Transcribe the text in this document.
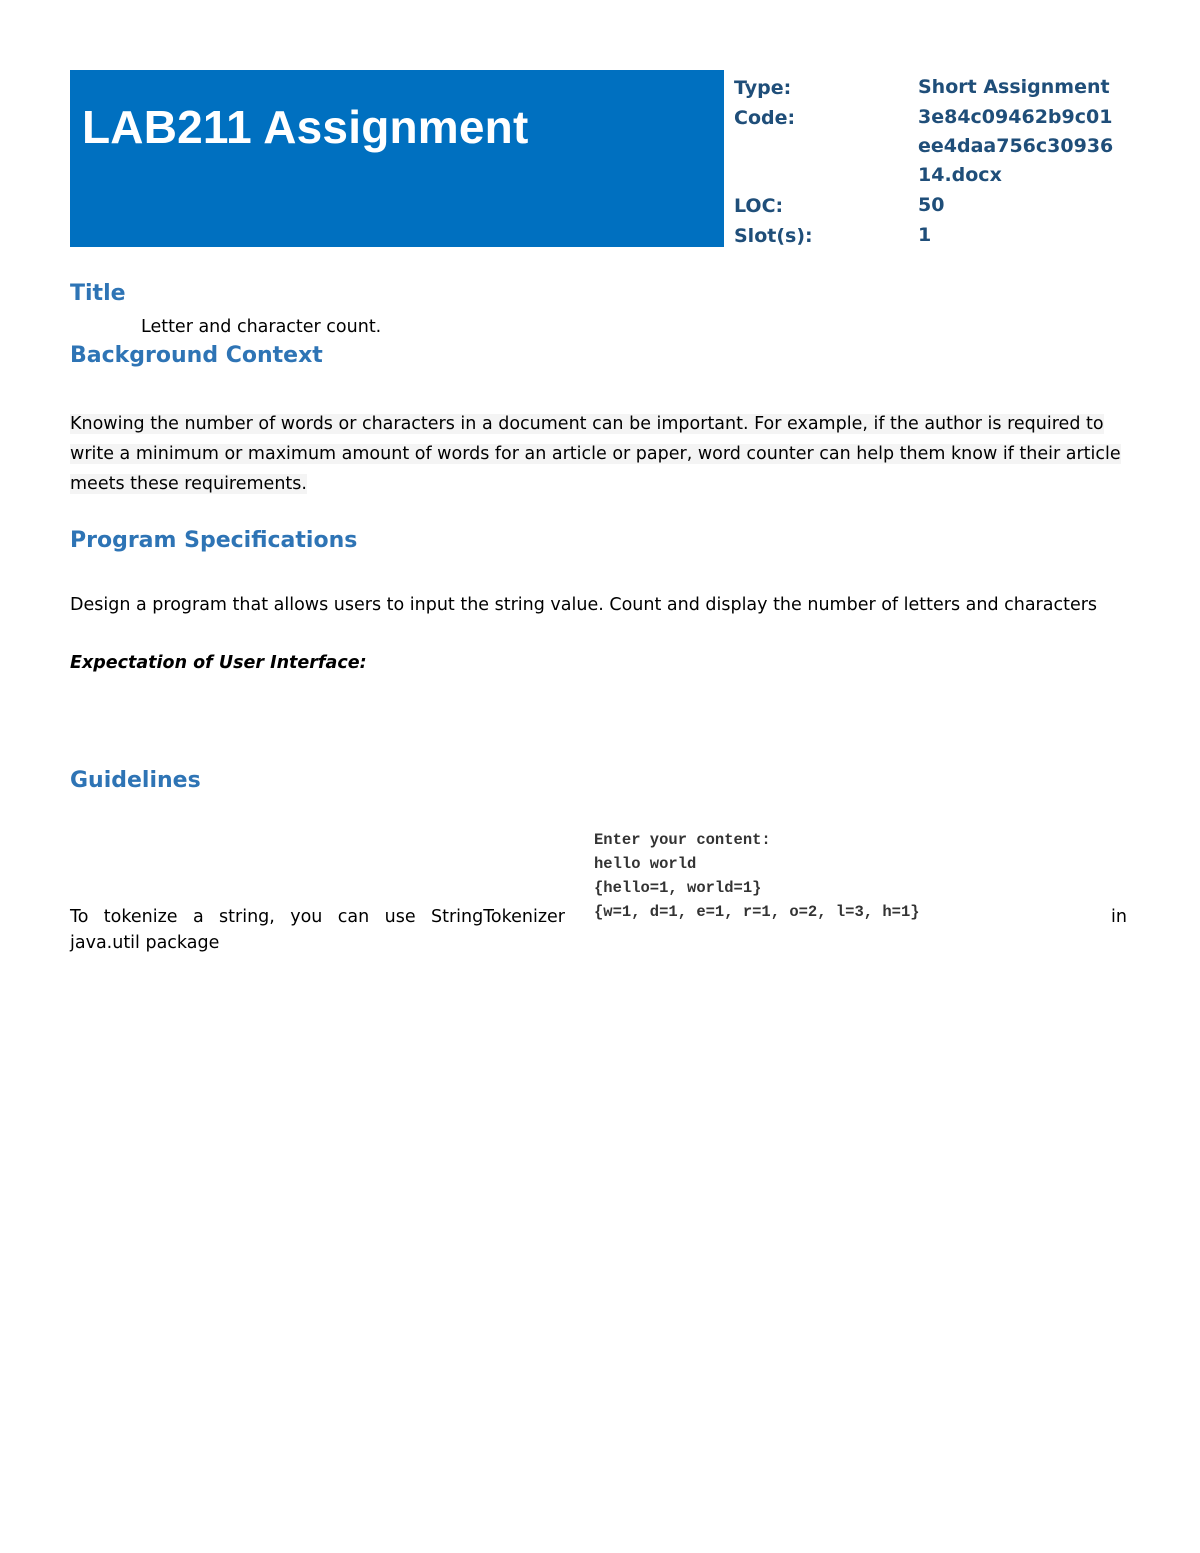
LAB211 Assignment
Type:	Short Assignment
Code:	3e84c09462b9c01ee4daa756c3093614.docx
LOC:	50
Slot(s):	1
Title
Letter and character count.
Background Context
Knowing the number of words or characters in a document can be important. For example, if the author is required to write a minimum or maximum amount of words for an article or paper, word counter can help them know if their article meets these requirements.
Program Specifications
Design a program that allows users to input the string value. Count and display the number of letters and characters
Expectation of User Interface:
Guidelines
Enter your content:
hello world
{hello=1, world=1}
{w=1, d=1, e=1, r=1, o=2, l=3, h=1}
To tokenize a string, you can use StringTokenizer	in
java.util package
